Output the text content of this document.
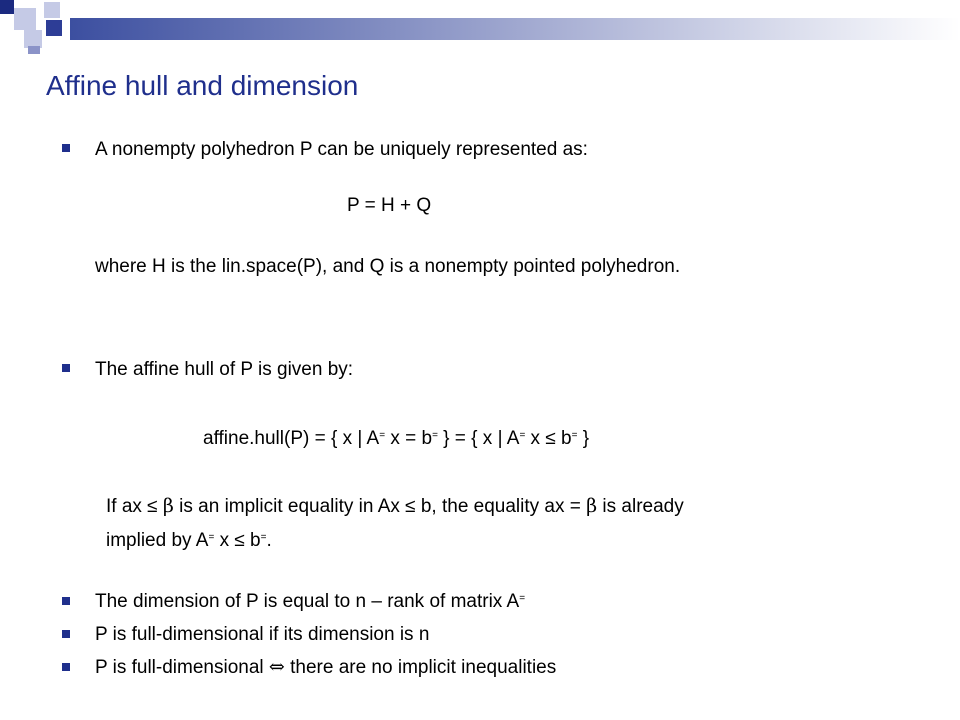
Affine hull and dimension
A nonempty polyhedron P can be uniquely represented as:
P = H + Q
where H is the lin.space(P), and Q is a nonempty pointed polyhedron.
The affine hull of P is given by:
affine.hull(P) = { x | A= x = b= } = { x | A= x ≤ b= }
If ax ≤ β is an implicit equality in Ax ≤ b, the equality ax = β is already
implied by A= x ≤ b=.
The dimension of P is equal to n – rank of matrix A=
P is full-dimensional if its dimension is n
P is full-dimensional ⇔ there are no implicit inequalities
